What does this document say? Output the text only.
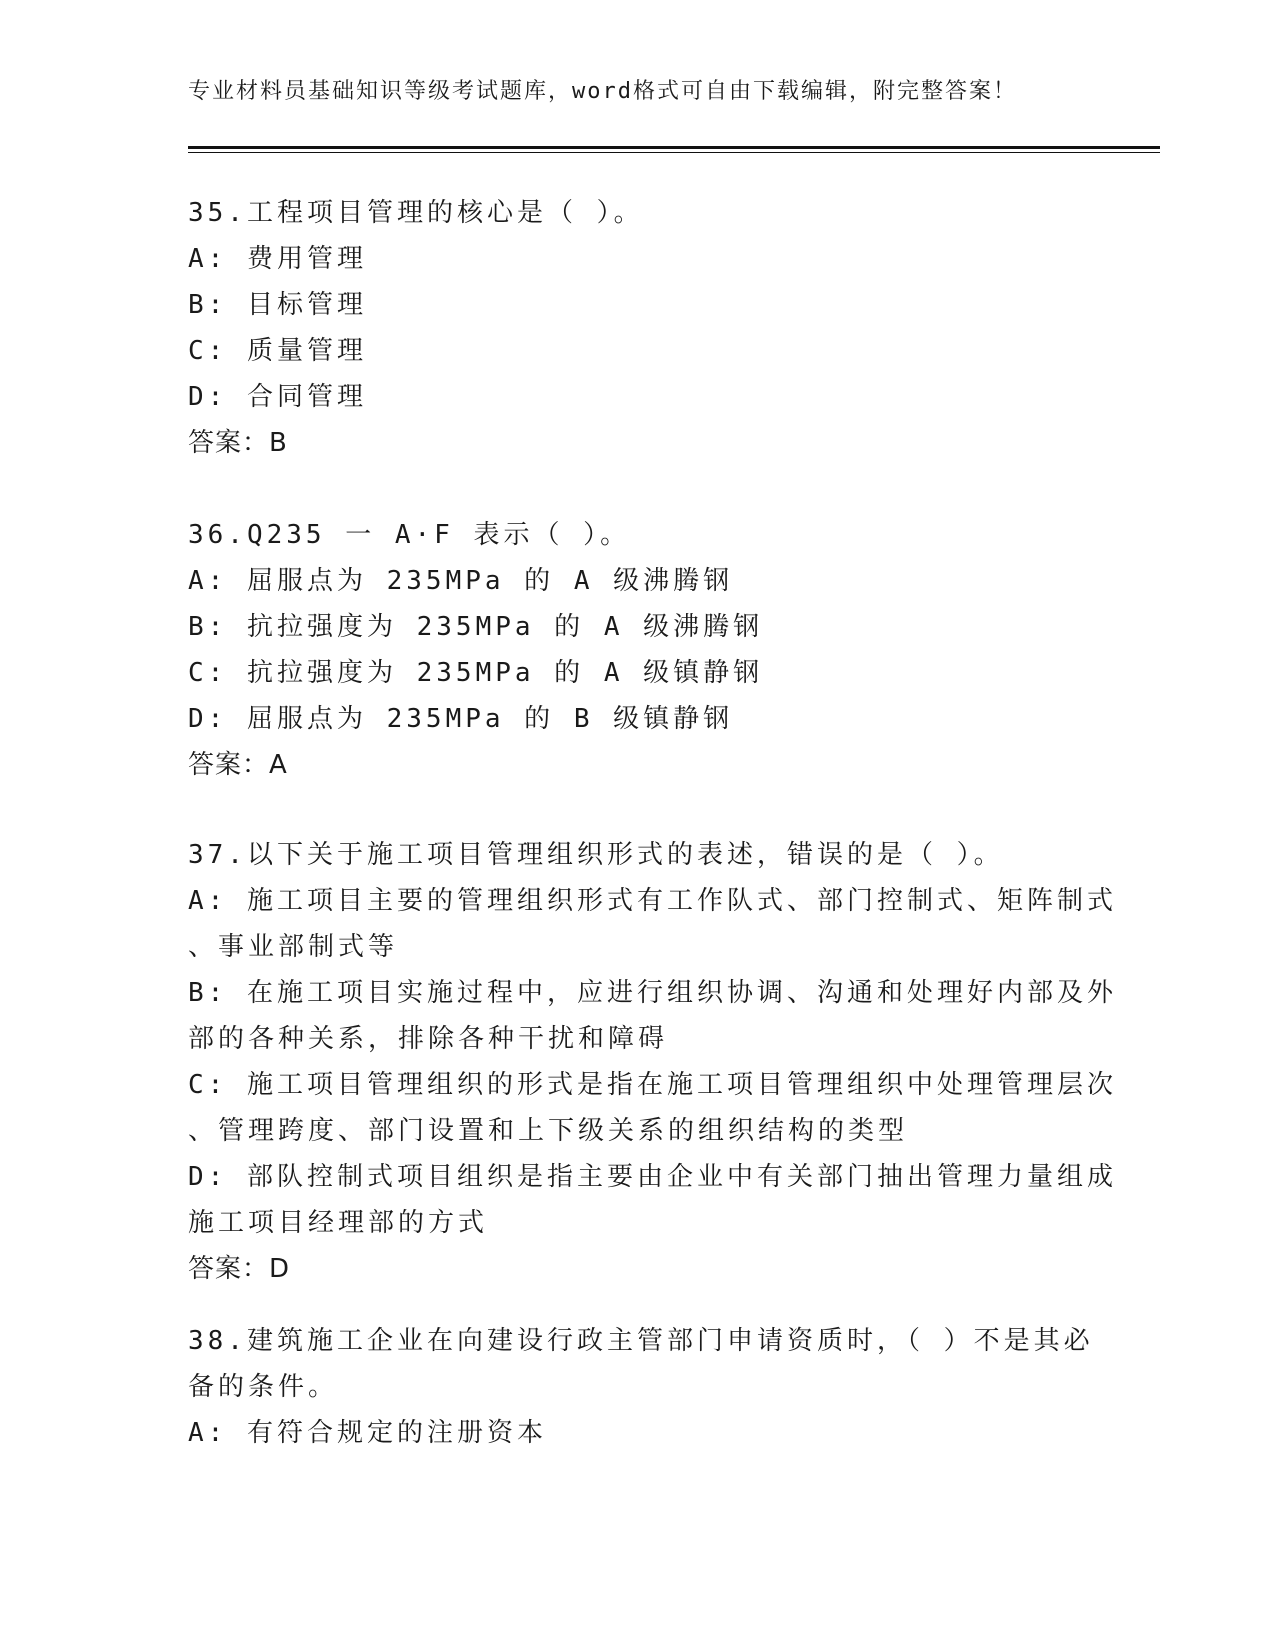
专业材料员基础知识等级考试题库，word格式可自由下载编辑，附完整答案！
35.工程项目管理的核心是（ ）。
A: 费用管理
B: 目标管理
C: 质量管理
D: 合同管理
答案：B
36.Q235 一 A·F 表示（ ）。
A: 屈服点为 235MPa 的 A 级沸腾钢
B: 抗拉强度为 235MPa 的 A 级沸腾钢
C: 抗拉强度为 235MPa 的 A 级镇静钢
D: 屈服点为 235MPa 的 B 级镇静钢
答案：A
37.以下关于施工项目管理组织形式的表述，错误的是（ ）。
A: 施工项目主要的管理组织形式有工作队式、部门控制式、矩阵制式
、事业部制式等
B: 在施工项目实施过程中，应进行组织协调、沟通和处理好内部及外
部的各种关系，排除各种干扰和障碍
C: 施工项目管理组织的形式是指在施工项目管理组织中处理管理层次
、管理跨度、部门设置和上下级关系的组织结构的类型
D: 部队控制式项目组织是指主要由企业中有关部门抽出管理力量组成
施工项目经理部的方式
答案：D
38.建筑施工企业在向建设行政主管部门申请资质时，（ ）不是其必
备的条件。
A: 有符合规定的注册资本
